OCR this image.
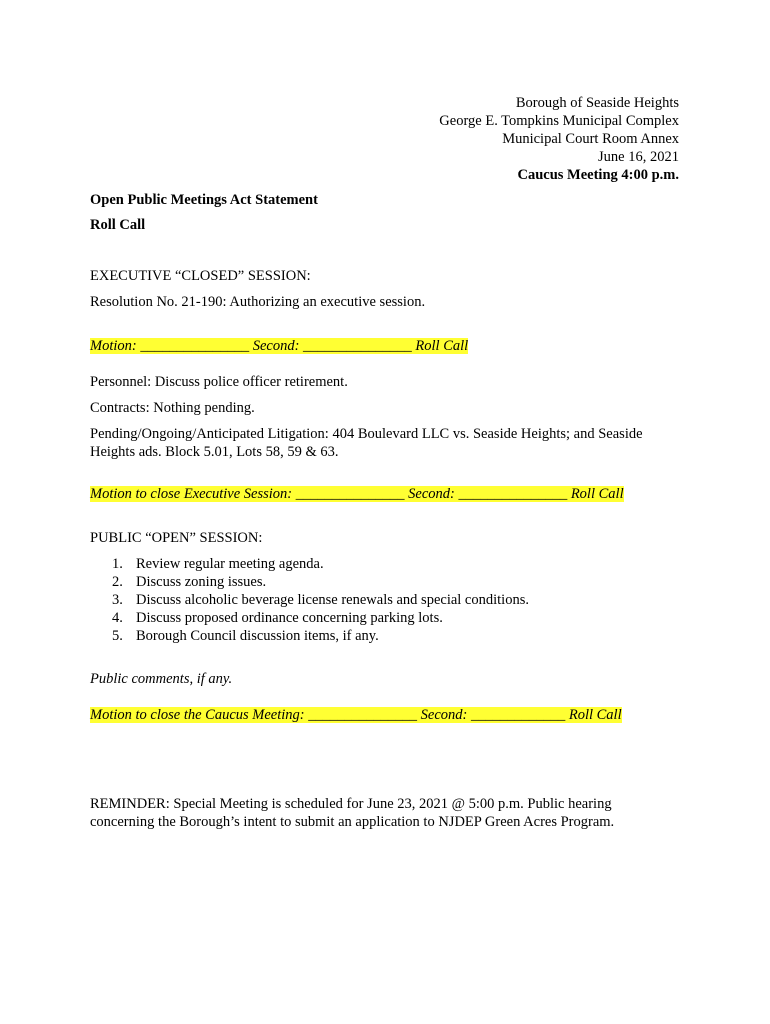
Borough of Seaside Heights
George E. Tompkins Municipal Complex
Municipal Court Room Annex
June 16, 2021
Caucus Meeting 4:00 p.m.
Open Public Meetings Act Statement
Roll Call
EXECUTIVE “CLOSED” SESSION:
Resolution No. 21-190: Authorizing an executive session.
Motion: _______________ Second: _______________ Roll Call
Personnel: Discuss police officer retirement.
Contracts: Nothing pending.
Pending/Ongoing/Anticipated Litigation: 404 Boulevard LLC vs. Seaside Heights; and Seaside Heights ads. Block 5.01, Lots 58, 59 & 63.
Motion to close Executive Session: _______________ Second: _______________ Roll Call
PUBLIC “OPEN” SESSION:
1. Review regular meeting agenda.
2. Discuss zoning issues.
3. Discuss alcoholic beverage license renewals and special conditions.
4. Discuss proposed ordinance concerning parking lots.
5. Borough Council discussion items, if any.
Public comments, if any.
Motion to close the Caucus Meeting: _______________ Second: _____________ Roll Call
REMINDER: Special Meeting is scheduled for June 23, 2021 @ 5:00 p.m. Public hearing concerning the Borough’s intent to submit an application to NJDEP Green Acres Program.
